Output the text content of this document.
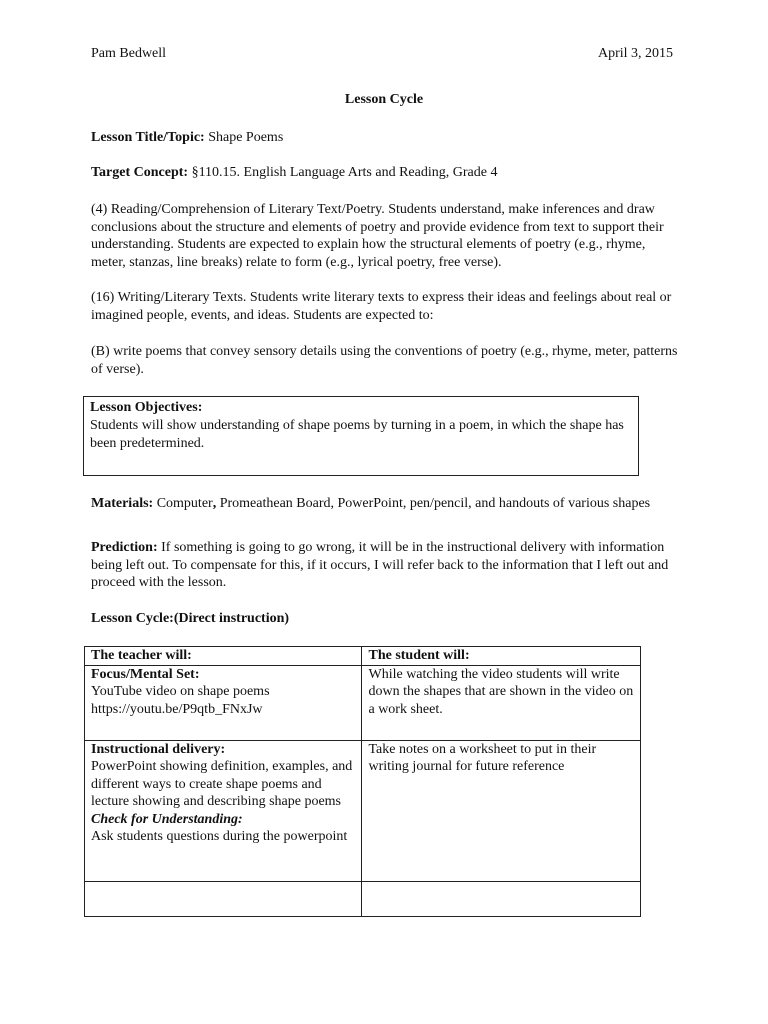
Pam Bedwell	April 3, 2015
Lesson Cycle
Lesson Title/Topic: Shape Poems
Target Concept: §110.15. English Language Arts and Reading, Grade 4
(4) Reading/Comprehension of Literary Text/Poetry. Students understand, make inferences and draw conclusions about the structure and elements of poetry and provide evidence from text to support their understanding. Students are expected to explain how the structural elements of poetry (e.g., rhyme, meter, stanzas, line breaks) relate to form (e.g., lyrical poetry, free verse).
(16) Writing/Literary Texts. Students write literary texts to express their ideas and feelings about real or imagined people, events, and ideas. Students are expected to:
(B) write poems that convey sensory details using the conventions of poetry (e.g., rhyme, meter, patterns of verse).
Lesson Objectives:
Students will show understanding of shape poems by turning in a poem, in which the shape has been predetermined.
Materials: Computer, Promeathean Board, PowerPoint, pen/pencil, and handouts of various shapes
Prediction: If something is going to go wrong, it will be in the instructional delivery with information being left out. To compensate for this, if it occurs, I will refer back to the information that I left out and proceed with the lesson.
Lesson Cycle:(Direct instruction)
The teacher will:	The student will:

Focus/Mental Set:
YouTube video on shape poems
https://youtu.be/P9qtb_FNxJw	While watching the video students will write down the shapes that are shown in the video on a work sheet.

Instructional delivery:
PowerPoint showing definition, examples, and different ways to create shape poems and lecture showing and describing shape poems
Check for Understanding:
Ask students questions during the powerpoint	Take notes on a worksheet to put in their writing journal for future reference
